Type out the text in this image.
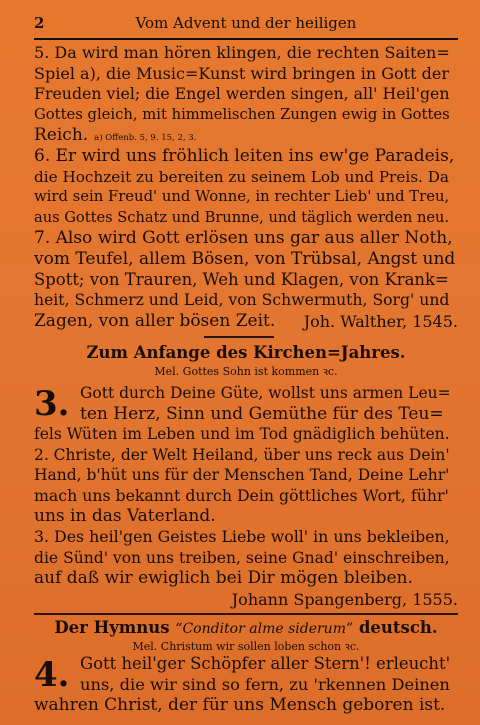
2	Vom Advent und der heiligen
5. Da wird man hören klingen, die rechten Saiten=
Spiel a), die Music=Kunst wird bringen in Gott der
Freuden viel; die Engel werden singen, all' Heil'gen
Gottes gleich, mit himmelischen Zungen ewig in Gottes
Reich. a) Offenb. 5, 9. 15, 2, 3.
6. Er wird uns fröhlich leiten ins ew'ge Paradeis,
die Hochzeit zu bereiten zu seinem Lob und Preis. Da
wird sein Freud' und Wonne, in rechter Lieb' und Treu,
aus Gottes Schatz und Brunne, und täglich werden neu.
7. Also wird Gott erlösen uns gar aus aller Noth,
vom Teufel, allem Bösen, von Trübsal, Angst und
Spott; von Trauren, Weh und Klagen, von Krank=
heit, Schmerz und Leid, von Schwermuth, Sorg' und
Zagen, von aller bösen Zeit.	Joh. Walther, 1545.
Zum Anfange des Kirchen=Jahres.
Mel. Gottes Sohn ist kommen ꝛc.
3. Gott durch Deine Güte, wollst uns armen Leu=
ten Herz, Sinn und Gemüthe für des Teu=
fels Wüten im Leben und im Tod gnädiglich behüten.
2. Christe, der Welt Heiland, über uns reck aus Dein'
Hand, b'hüt uns für der Menschen Tand, Deine Lehr'
mach uns bekannt durch Dein göttliches Wort, führ'
uns in das Vaterland.
3. Des heil'gen Geistes Liebe woll' in uns bekleiben,
die Sünd' von uns treiben, seine Gnad' einschreiben,
auf daß wir ewiglich bei Dir mögen bleiben.
Johann Spangenberg, 1555.
Der Hymnus “Conditor alme siderum” deutsch.
Mel. Christum wir sollen loben schon ꝛc.
4. Gott heil'ger Schöpfer aller Stern'! erleucht'
uns, die wir sind so fern, zu 'rkennen Deinen
wahren Christ, der für uns Mensch geboren ist.
